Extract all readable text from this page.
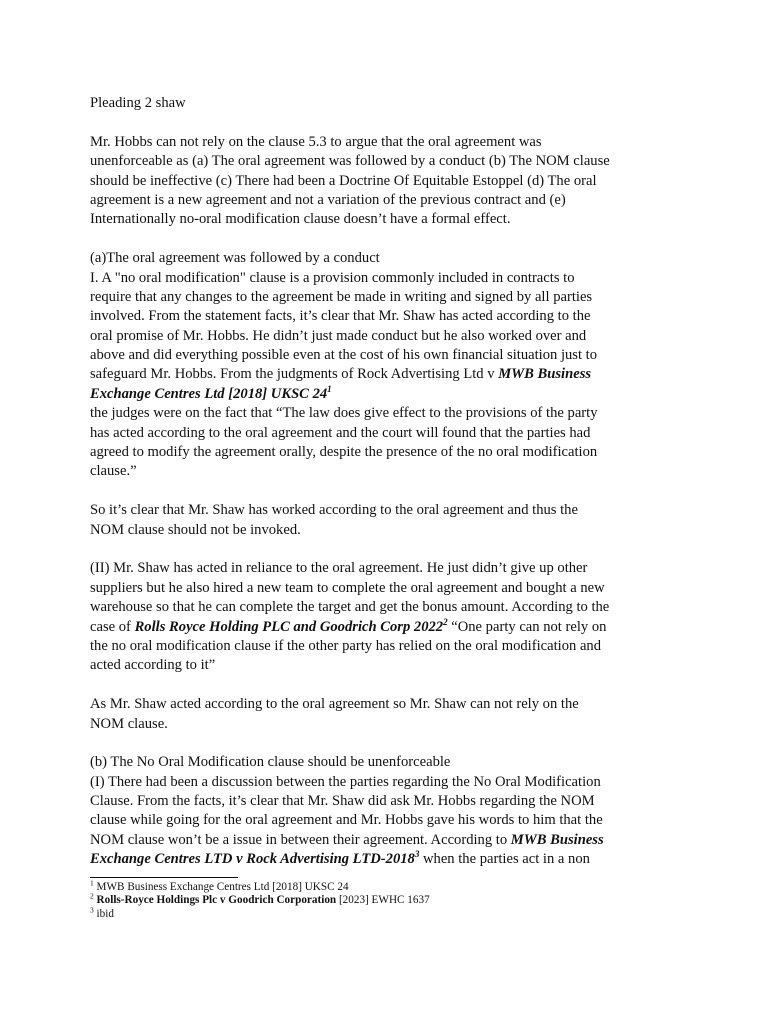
Pleading 2 shaw
Mr. Hobbs can not rely on the clause 5.3 to argue that the oral agreement was
unenforceable as (a) The oral agreement was followed by a conduct (b) The NOM clause
should be ineffective (c) There had been a Doctrine Of Equitable Estoppel (d) The oral
agreement is a new agreement and not a variation of the previous contract and (e)
Internationally no-oral modification clause doesn’t have a formal effect.
(a)The oral agreement was followed by a conduct
I. A "no oral modification" clause is a provision commonly included in contracts to
require that any changes to the agreement be made in writing and signed by all parties
involved. From the statement facts, it’s clear that Mr. Shaw has acted according to the
oral promise of Mr. Hobbs. He didn’t just made conduct but he also worked over and
above and did everything possible even at the cost of his own financial situation just to
safeguard Mr. Hobbs. From the judgments of Rock Advertising Ltd v MWB Business
Exchange Centres Ltd [2018] UKSC $24^1$
the judges were on the fact that “The law does give effect to the provisions of the party
has acted according to the oral agreement and the court will found that the parties had
agreed to modify the agreement orally, despite the presence of the no oral modification
clause.”
So it’s clear that Mr. Shaw has worked according to the oral agreement and thus the
NOM clause should not be invoked.
(II) Mr. Shaw has acted in reliance to the oral agreement. He just didn’t give up other
suppliers but he also hired a new team to complete the oral agreement and bought a new
warehouse so that he can complete the target and get the bonus amount. According to the
case of Rolls Royce Holding PLC and Goodrich Corp 2022$^2$ “One party can not rely on
the no oral modification clause if the other party has relied on the oral modification and
acted according to it”
As Mr. Shaw acted according to the oral agreement so Mr. Shaw can not rely on the
NOM clause.
(b) The No Oral Modification clause should be unenforceable
(I) There had been a discussion between the parties regarding the No Oral Modification
Clause. From the facts, it’s clear that Mr. Shaw did ask Mr. Hobbs regarding the NOM
clause while going for the oral agreement and Mr. Hobbs gave his words to him that the
NOM clause won’t be a issue in between their agreement. According to MWB Business
Exchange Centres LTD v Rock Advertising LTD-2018$^3$ when the parties act in a non
$^1$ MWB Business Exchange Centres Ltd [2018] UKSC 24
$^2$ Rolls-Royce Holdings Plc v Goodrich Corporation [2023] EWHC 1637
$^3$ ibid
